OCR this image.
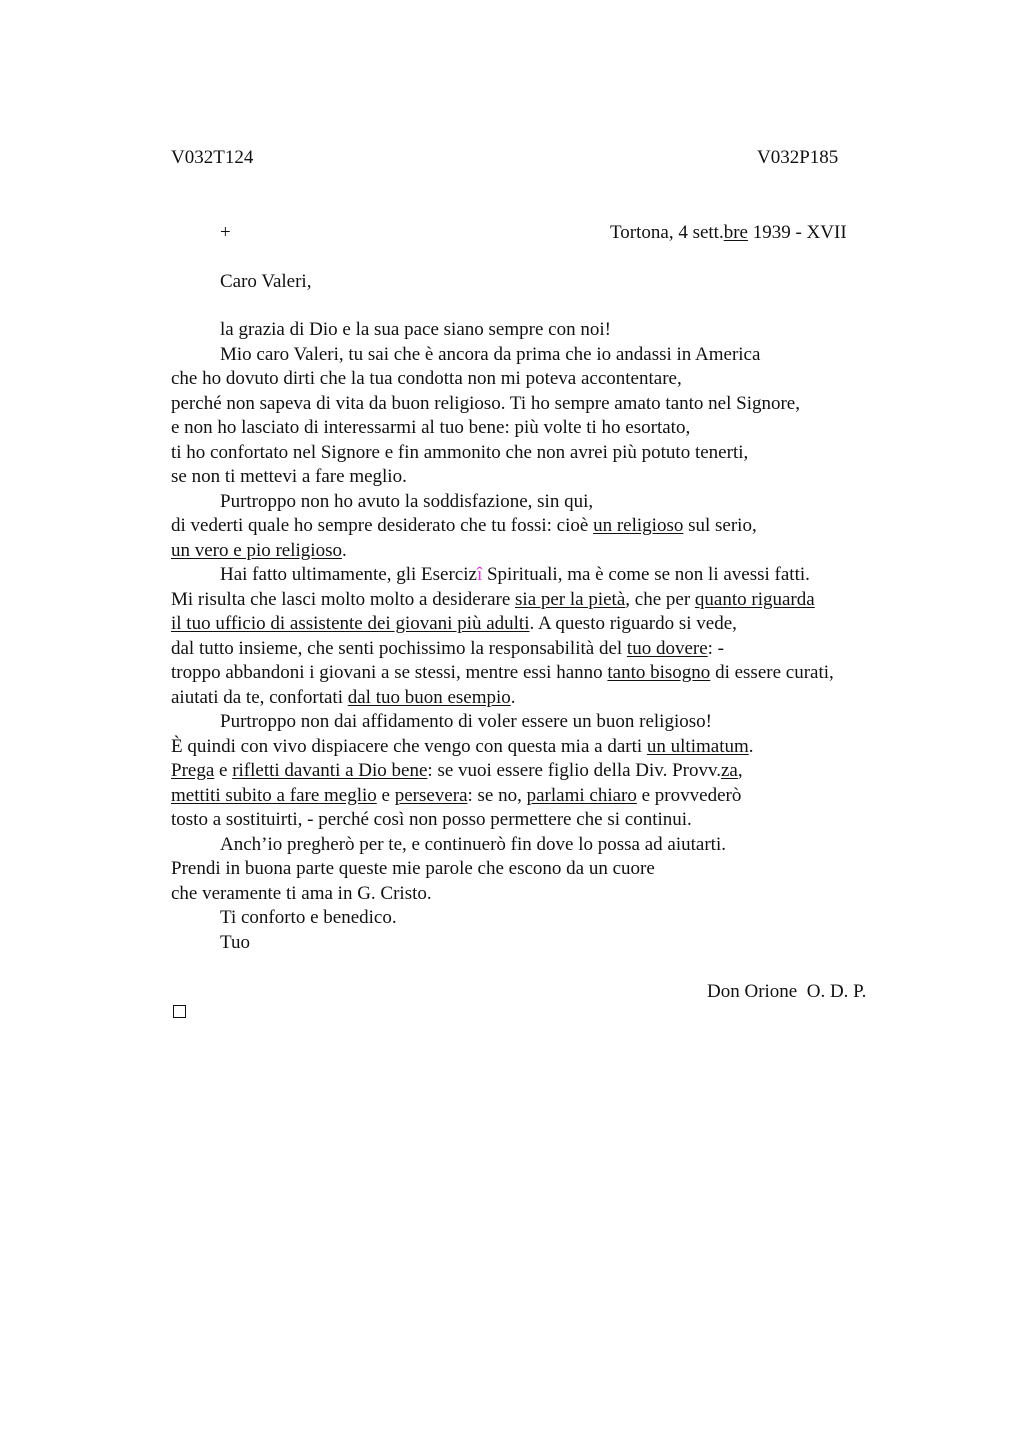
V032T124	V032P185
+	Tortona, 4 sett.bre 1939 - XVII
Caro Valeri,
la grazia di Dio e la sua pace siano sempre con noi!
Mio caro Valeri, tu sai che è ancora da prima che io andassi in America
che ho dovuto dirti che la tua condotta non mi poteva accontentare,
perché non sapeva di vita da buon religioso. Ti ho sempre amato tanto nel Signore,
e non ho lasciato di interessarmi al tuo bene: più volte ti ho esortato,
ti ho confortato nel Signore e fin ammonito che non avrei più potuto tenerti,
se non ti mettevi a fare meglio.
Purtroppo non ho avuto la soddisfazione, sin qui,
di vederti quale ho sempre desiderato che tu fossi: cioè un religioso sul serio,
un vero e pio religioso.
Hai fatto ultimamente, gli Esercizî Spirituali, ma è come se non li avessi fatti.
Mi risulta che lasci molto molto a desiderare sia per la pietà, che per quanto riguarda
il tuo ufficio di assistente dei giovani più adulti. A questo riguardo si vede,
dal tutto insieme, che senti pochissimo la responsabilità del tuo dovere: -
troppo abbandoni i giovani a se stessi, mentre essi hanno tanto bisogno di essere curati,
aiutati da te, confortati dal tuo buon esempio.
Purtroppo non dai affidamento di voler essere un buon religioso!
È quindi con vivo dispiacere che vengo con questa mia a darti un ultimatum.
Prega e rifletti davanti a Dio bene: se vuoi essere figlio della Div. Provv.za,
mettiti subito a fare meglio e persevera: se no, parlami chiaro e provvederò
tosto a sostituirti, - perché così non posso permettere che si continui.
Anch’io pregherò per te, e continuerò fin dove lo possa ad aiutarti.
Prendi in buona parte queste mie parole che escono da un cuore
che veramente ti ama in G. Cristo.
Ti conforto e benedico.
Tuo
Don Orione  O. D. P.
